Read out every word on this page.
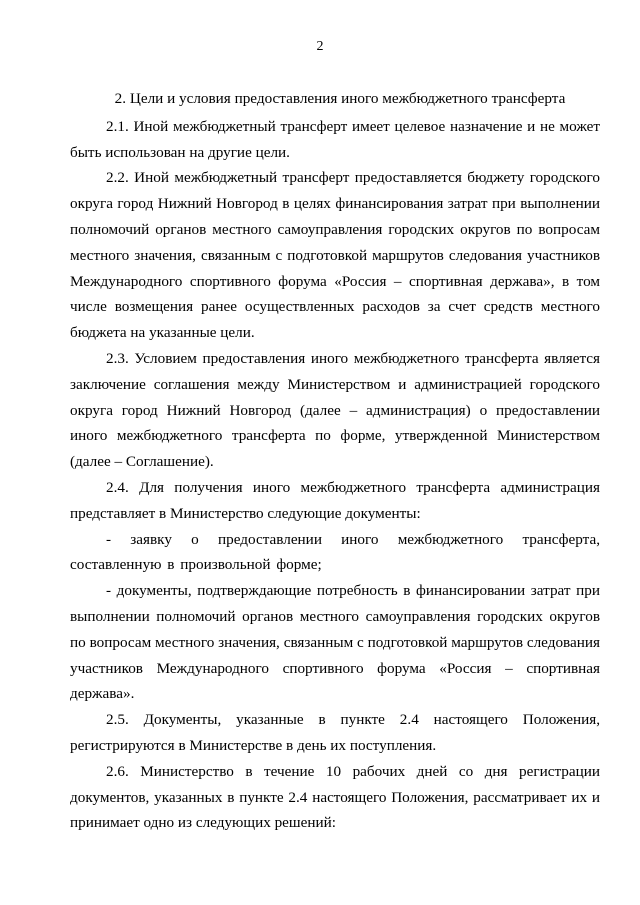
2
2. Цели и условия предоставления иного межбюджетного трансферта

2.1. Иной межбюджетный трансферт имеет целевое назначение и не может быть использован на другие цели.

2.2. Иной межбюджетный трансферт предоставляется бюджету городского округа город Нижний Новгород в целях финансирования затрат при выполнении полномочий органов местного самоуправления городских округов по вопросам местного значения, связанным с подготовкой маршрутов следования участников Международного спортивного форума «Россия – спортивная держава», в том числе возмещения ранее осуществленных расходов за счет средств местного бюджета на указанные цели.

2.3. Условием предоставления иного межбюджетного трансферта является заключение соглашения между Министерством и администрацией городского округа город Нижний Новгород (далее – администрация) о предоставлении иного межбюджетного трансферта по форме, утвержденной Министерством (далее – Соглашение).

2.4. Для получения иного межбюджетного трансферта администрация представляет в Министерство следующие документы:

- заявку о предоставлении иного межбюджетного трансферта, составленную в произвольной форме;

- документы, подтверждающие потребность в финансировании затрат при выполнении полномочий органов местного самоуправления городских округов по вопросам местного значения, связанным с подготовкой маршрутов следования участников Международного спортивного форума «Россия – спортивная держава».

2.5. Документы, указанные в пункте 2.4 настоящего Положения, регистрируются в Министерстве в день их поступления.

2.6. Министерство в течение 10 рабочих дней со дня регистрации документов, указанных в пункте 2.4 настоящего Положения, рассматривает их и принимает одно из следующих решений:
